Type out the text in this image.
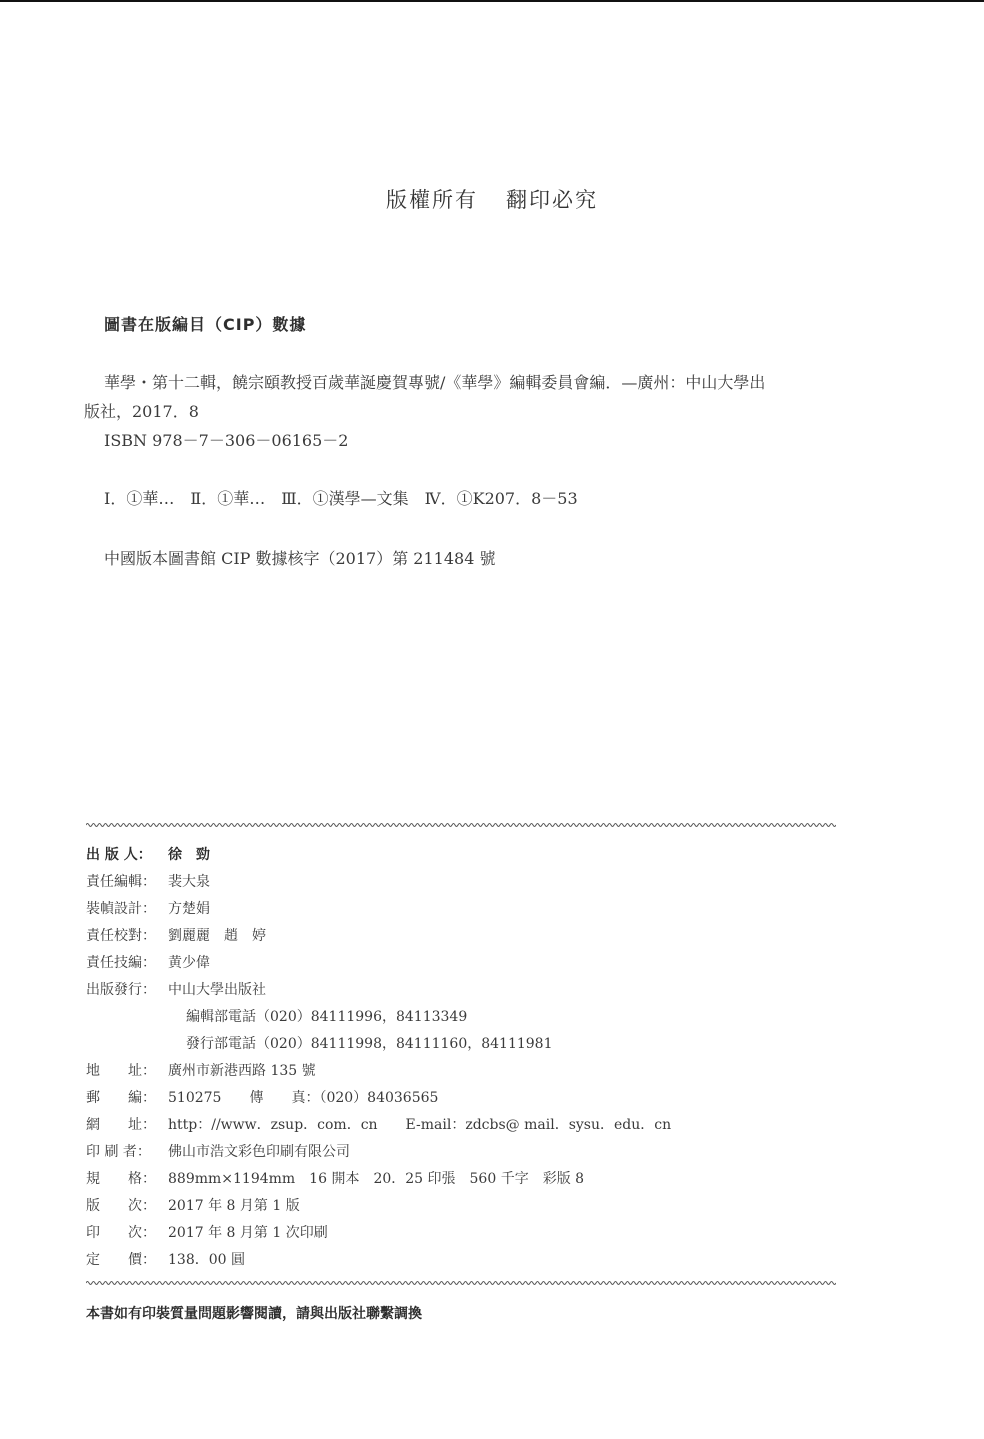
版權所有 翻印必究
圖書在版編目（CIP）數據

華學・第十二輯，饒宗頤教授百歲華誕慶賀專號/《華學》編輯委員會編．—廣州：中山大學出

版社，2017．8

ISBN 978－7－306－06165－2

Ⅰ．①華…　Ⅱ．①華…　Ⅲ．①漢學—文集　Ⅳ．①K207．8－53
中國版本圖書館 CIP 數據核字（2017）第 211484 號
出 版 人：	徐　勁
責任編輯： 裴大泉
裝幀設計： 方楚娟
責任校對： 劉麗麗　趙　婷
責任技編： 黄少偉
出版發行： 中山大學出版社
編輯部電話（020）84111996，84113349
發行部電話（020）84111998，84111160，84111981
地　　址： 廣州市新港西路 135 號
郵　　編： 510275　　傳　　真：（020）84036565
網　　址： http：//www．zsup．com．cn　　E-mail：zdcbs@ mail．sysu．edu．cn
印 刷 者：	佛山市浩文彩色印刷有限公司
規　　格： 889mm×1194mm　16 開本　20．25 印張　560 千字　彩版 8
版　　次： 2017 年 8 月第 1 版
印　　次： 2017 年 8 月第 1 次印刷
定　　價： 138．00 圓
本書如有印裝質量問題影響閱讀，請與出版社聯繫調換
